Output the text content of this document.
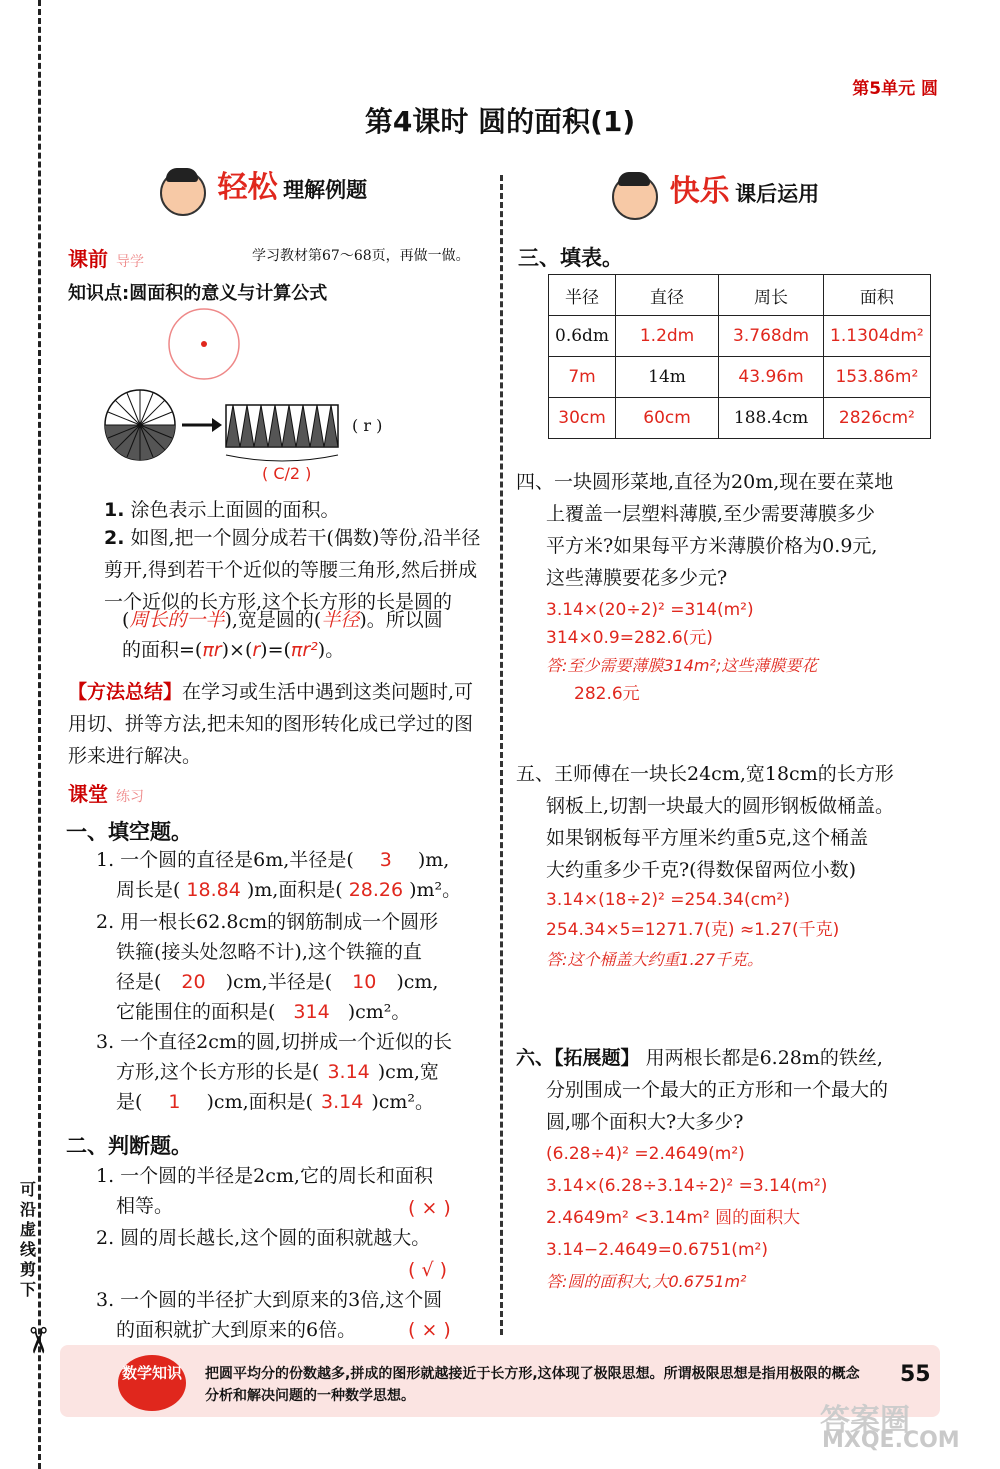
可沿虚线剪下
✂
第5单元 圆
第4课时 圆的面积(1)
轻松 理解例题
课前 导学	学习教材第67～68页，再做一做。
知识点:圆面积的意义与计算公式
( r )
( C/2 )
1. 涂色表示上面圆的面积。
2. 如图,把一个圆分成若干(偶数)等份,沿半径剪开,得到若干个近似的等腰三角形,然后拼成一个近似的长方形,这个长方形的长是圆的
(周长的一半),宽是圆的(半径)。所以圆
的面积=(πr)×(r)=(πr²)。
【方法总结】在学习或生活中遇到这类问题时,可用切、拼等方法,把未知的图形转化成已学过的图形来进行解决。
课堂 练习
一、填空题。
1. 一个圆的直径是6m,半径是( 3 )m,
周长是( 18.84 )m,面积是( 28.26 )m²。
2. 用一根长62.8cm的钢筋制成一个圆形
铁箍(接头处忽略不计),这个铁箍的直
径是( 20 )cm,半径是( 10 )cm,
它能围住的面积是( 314 )cm²。
3. 一个直径2cm的圆,切拼成一个近似的长
方形,这个长方形的长是( 3.14 )cm,宽
是( 1 )cm,面积是( 3.14 )cm²。
二、判断题。
1. 一个圆的半径是2cm,它的周长和面积
相等。	( × )
2. 圆的周长越长,这个圆的面积就越大。
( √ )
3. 一个圆的半径扩大到原来的3倍,这个圆
的面积就扩大到原来的6倍。	( × )
快乐 课后运用
三、填表。
半径	直径	周长	面积
0.6dm	1.2dm	3.768dm	1.1304dm²
7m	14m	43.96m	153.86m²
30cm	60cm	188.4cm	2826cm²
四、一块圆形菜地,直径为20m,现在要在菜地
上覆盖一层塑料薄膜,至少需要薄膜多少
平方米?如果每平方米薄膜价格为0.9元,
这些薄膜要花多少元?
3.14×(20÷2)² =314(m²)
314×0.9=282.6(元)
答:至少需要薄膜314m²;这些薄膜要花
282.6元
五、王师傅在一块长24cm,宽18cm的长方形
钢板上,切割一块最大的圆形钢板做桶盖。
如果钢板每平方厘米约重5克,这个桶盖
大约重多少千克?(得数保留两位小数)
3.14×(18÷2)² =254.34(cm²)
254.34×5=1271.7(克) ≈1.27(千克)
答:这个桶盖大约重1.27千克。
六、【拓展题】 用两根长都是6.28m的铁丝,
分别围成一个最大的正方形和一个最大的
圆,哪个面积大?大多少?
(6.28÷4)² =2.4649(m²)
3.14×(6.28÷3.14÷2)² =3.14(m²)
2.4649m² <3.14m² 圆的面积大
3.14−2.4649=0.6751(m²)
答:圆的面积大,大0.6751m²
数学知识 把圆平均分的份数越多,拼成的图形就越接近于长方形,这体现了极限思想。所谓极限思想是指用极限的概念分析和解决问题的一种数学思想。
55
答案圈
MXQE.COM
